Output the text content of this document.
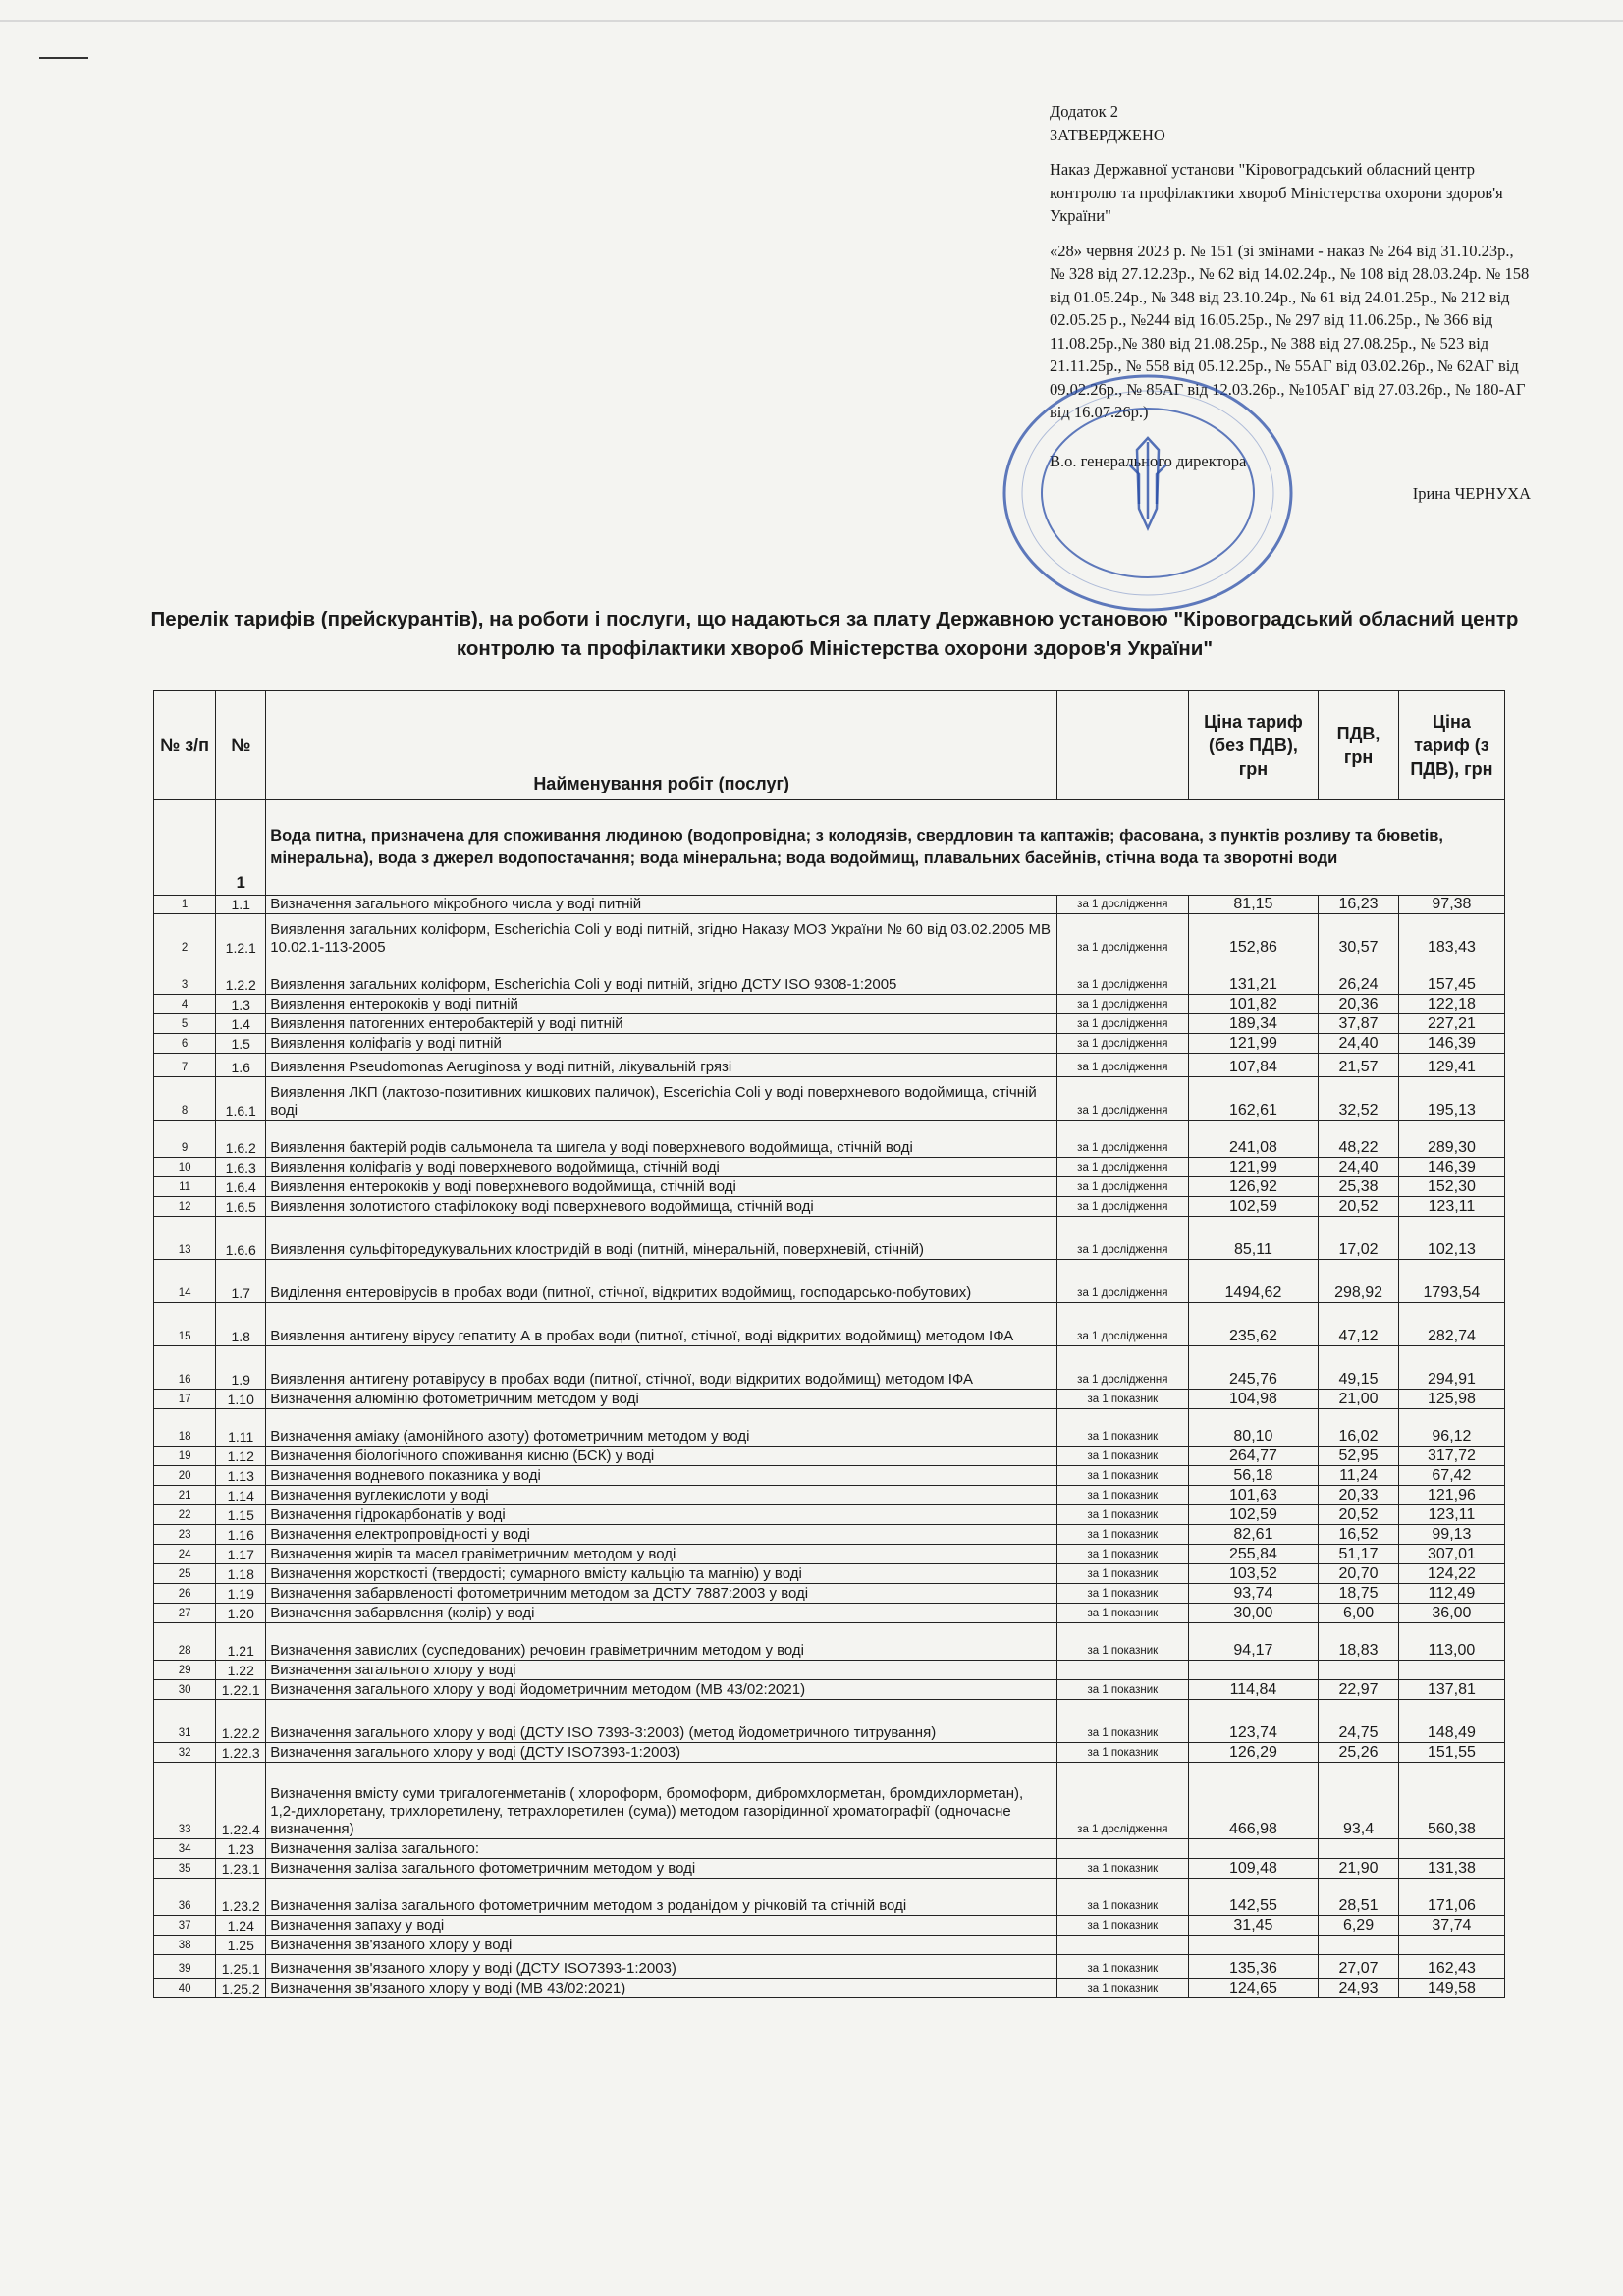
Додаток 2
ЗАТВЕРДЖЕНО
Наказ Державної установи "Кіровоградський обласний центр контролю та профілактики хвороб Міністерства охорони здоров'я України"
«28» червня 2023 р. № 151 (зі змінами - наказ № 264 від 31.10.23р., № 328 від 27.12.23р., № 62 від 14.02.24р., № 108 від 28.03.24р. № 158 від 01.05.24р., № 348 від 23.10.24р., № 61 від 24.01.25р., № 212 від 02.05.25 р., №244 від 16.05.25р., № 297 від 11.06.25р., № 366 від 11.08.25р.,№ 380 від 21.08.25р., № 388 від 27.08.25р., № 523 від 21.11.25р., № 558 від 05.12.25р., № 55АГ від 03.02.26р., № 62АГ від 09.02.26р., № 85АГ від 12.03.26р., №105АГ від 27.03.26р., № 180-АГ від 16.07.26р.)
В.о. генерального директора
Ірина ЧЕРНУХА
Перелік тарифів (прейскурантів), на роботи і послуги, що надаються за плату Державною установою "Кіровоградський обласний центр контролю та профілактики хвороб Міністерства охорони здоров'я України"
№ з/п	№	Найменування робіт (послуг)		Ціна тариф (без ПДВ), грн	ПДВ, грн	Ціна тариф (з ПДВ), грн
	1	Вода питна, призначена для споживання людиною (водопровідна; з колодязів, свердловин та каптажів; фасована, з пунктів розливу та бювеtів, мінеральна), вода з джерел водопостачання; вода мінеральна; вода водоймищ, плавальних басейнів, стічна вода та зворотні води				
1	1.1	Визначення загального мікробного числа у воді питній	за 1 дослідження	81,15	16,23	97,38
2	1.2.1	Виявлення загальних коліформ, Escherichia Coli у воді питній, згідно Наказу МОЗ України № 60 від 03.02.2005 МВ 10.02.1-113-2005	за 1 дослідження	152,86	30,57	183,43
3	1.2.2	Виявлення загальних коліформ, Escherichia Coli у воді питній, згідно ДСТУ ISO 9308-1:2005	за 1 дослідження	131,21	26,24	157,45
4	1.3	Виявлення ентерококів у воді питній	за 1 дослідження	101,82	20,36	122,18
5	1.4	Виявлення патогенних ентеробактерій у воді питній	за 1 дослідження	189,34	37,87	227,21
6	1.5	Виявлення коліфагів у воді питній	за 1 дослідження	121,99	24,40	146,39
7	1.6	Виявлення Pseudomonas Aeruginosa у воді питній, лікувальній грязі	за 1 дослідження	107,84	21,57	129,41
8	1.6.1	Виявлення ЛКП (лактозо-позитивних кишкових паличок), Escerichia Coli у воді поверхневого водоймища, стічній воді	за 1 дослідження	162,61	32,52	195,13
9	1.6.2	Виявлення бактерій родів сальмонела та шигела у воді поверхневого водоймища, стічній воді	за 1 дослідження	241,08	48,22	289,30
10	1.6.3	Виявлення коліфагів у воді поверхневого водоймища, стічній воді	за 1 дослідження	121,99	24,40	146,39
11	1.6.4	Виявлення ентерококів у воді поверхневого водоймища, стічній воді	за 1 дослідження	126,92	25,38	152,30
12	1.6.5	Виявлення золотистого стафілококу воді поверхневого водоймища, стічній воді	за 1 дослідження	102,59	20,52	123,11
13	1.6.6	Виявлення сульфіторедукувальних клостридій в воді (питній, мінеральній, поверхневій, стічній)	за 1 дослідження	85,11	17,02	102,13
14	1.7	Виділення ентеровірусів в пробах води (питної, стічної, відкритих водоймищ, господарсько-побутових)	за 1 дослідження	1494,62	298,92	1793,54
15	1.8	Виявлення антигену вірусу гепатиту А в пробах води (питної, стічної, воді відкритих водоймищ) методом ІФА	за 1 дослідження	235,62	47,12	282,74
16	1.9	Виявлення антигену ротавірусу в пробах води (питної, стічної, води відкритих водоймищ) методом ІФА	за 1 дослідження	245,76	49,15	294,91
17	1.10	Визначення алюмінію фотометричним методом у воді	за 1 показник	104,98	21,00	125,98
18	1.11	Визначення аміаку (амонійного азоту) фотометричним методом у воді	за 1 показник	80,10	16,02	96,12
19	1.12	Визначення біологічного споживання кисню (БСК) у воді	за 1 показник	264,77	52,95	317,72
20	1.13	Визначення водневого показника у воді	за 1 показник	56,18	11,24	67,42
21	1.14	Визначення вуглекислоти у воді	за 1 показник	101,63	20,33	121,96
22	1.15	Визначення гідрокарбонатів у воді	за 1 показник	102,59	20,52	123,11
23	1.16	Визначення електропровідності у воді	за 1 показник	82,61	16,52	99,13
24	1.17	Визначення жирів та масел гравіметричним методом у воді	за 1 показник	255,84	51,17	307,01
25	1.18	Визначення жорсткості (твердості; сумарного вмісту кальцію та магнію) у воді	за 1 показник	103,52	20,70	124,22
26	1.19	Визначення забарвленості фотометричним методом за ДСТУ 7887:2003 у воді	за 1 показник	93,74	18,75	112,49
27	1.20	Визначення забарвлення (колір) у воді	за 1 показник	30,00	6,00	36,00
28	1.21	Визначення завислих (суспедованих) речовин гравіметричним методом у воді	за 1 показник	94,17	18,83	113,00
29	1.22	Визначення загального хлору у воді				
30	1.22.1	Визначення загального хлору у воді йодометричним методом (МВ 43/02:2021)	за 1 показник	114,84	22,97	137,81
31	1.22.2	Визначення загального хлору у воді (ДСТУ ISO 7393-3:2003) (метод йодометричного титрування)	за 1 показник	123,74	24,75	148,49
32	1.22.3	Визначення загального хлору у воді (ДСТУ ISO7393-1:2003)	за 1 показник	126,29	25,26	151,55
33	1.22.4	Визначення вмісту суми тригалогенметанів ( хлороформ, бромоформ, дибромхлорметан, бромдихлорметан), 1,2-дихлоретану, трихлоретилену, тетрахлоретилен (сума)) методом газорідинної хроматографії (одночасне визначення)	за 1 дослідження	466,98	93,4	560,38
34	1.23	Визначення заліза загального:				
35	1.23.1	Визначення заліза загального фотометричним методом у воді	за 1 показник	109,48	21,90	131,38
36	1.23.2	Визначення заліза загального фотометричним методом з роданідом у річковій та стічній воді	за 1 показник	142,55	28,51	171,06
37	1.24	Визначення запаху у воді	за 1 показник	31,45	6,29	37,74
38	1.25	Визначення зв'язаного хлору у воді				
39	1.25.1	Визначення зв'язаного хлору у воді (ДСТУ ISO7393-1:2003)	за 1 показник	135,36	27,07	162,43
40	1.25.2	Визначення зв'язаного хлору у воді (МВ 43/02:2021)	за 1 показник	124,65	24,93	149,58
